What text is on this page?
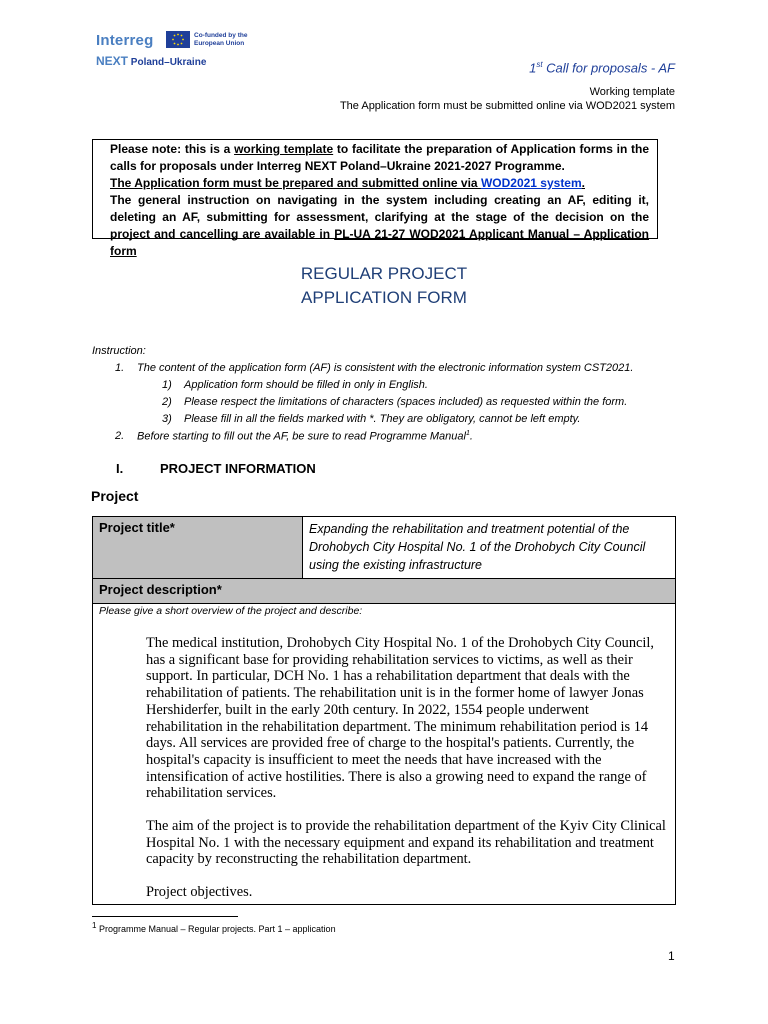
Interreg	Co-funded by the European Union
NEXT Poland–Ukraine	1st Call for proposals - AF
Working template
The Application form must be submitted online via WOD2021 system

Please note: this is a working template to facilitate the preparation of Application forms in the calls for proposals under Interreg NEXT Poland–Ukraine 2021-2027 Programme.

The Application form must be prepared and submitted online via WOD2021 system.

The general instruction on navigating in the system including creating an AF, editing it, deleting an AF, submitting for assessment, clarifying at the stage of the decision on the project and cancelling are available in PL-UA 21-27 WOD2021 Applicant Manual – Application form

REGULAR PROJECT
APPLICATION FORM
Instruction:
1. The content of the application form (AF) is consistent with the electronic information system CST2021.
1) Application form should be filled in only in English.
2) Please respect the limitations of characters (spaces included) as requested within the form.
3) Please fill in all the fields marked with *. They are obligatory, cannot be left empty.
2. Before starting to fill out the AF, be sure to read Programme Manual$^1$.
I.	PROJECT INFORMATION
Project
Project title*	Expanding the rehabilitation and treatment potential of the Drohobych City Hospital No. 1 of the Drohobych City Council using the existing infrastructure
Project description*
Please give a short overview of the project and describe:

The medical institution, Drohobych City Hospital No. 1 of the Drohobych City Council, has a significant base for providing rehabilitation services to victims, as well as their support. In particular, DCH No. 1 has a rehabilitation department that deals with the rehabilitation of patients. The rehabilitation unit is in the former home of lawyer Jonas Hershiderfer, built in the early 20th century. In 2022, 1554 people underwent rehabilitation in the rehabilitation department. The minimum rehabilitation period is 14 days. All services are provided free of charge to the hospital's patients. Currently, the hospital's capacity is insufficient to meet the needs that have increased with the intensification of active hostilities. There is also a growing need to expand the range of rehabilitation services.

The aim of the project is to provide the rehabilitation department of the Kyiv City Clinical Hospital No. 1 with the necessary equipment and expand its rehabilitation and treatment capacity by reconstructing the rehabilitation department.

Project objectives.

$^1$ Programme Manual – Regular projects. Part 1 – application
1
